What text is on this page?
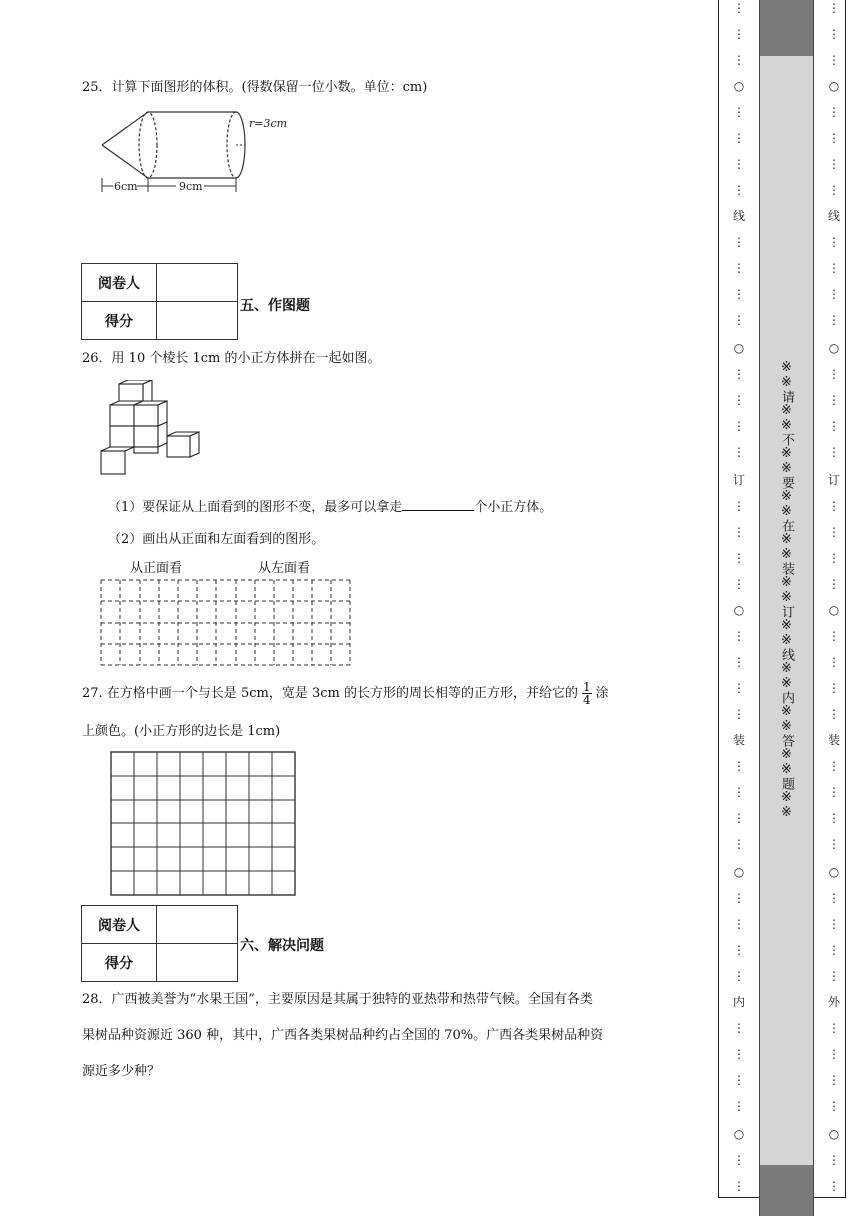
25．计算下面图形的体积。(得数保留一位小数。单位：cm)
r=3cm
6cm	9cm
阅卷人	
得分	
五、作图题
26．用 10 个棱长 1cm 的小正方体拼在一起如图。
（1）要保证从上面看到的图形不变，最多可以拿走	个小正方体。
（2）画出从正面和左面看到的图形。
从正面看	从左面看
27. 在方格中画一个与长是 5cm，宽是 3cm 的长方形的周长相等的正方形，并给它的 $\frac{1}{4}$ 涂
上颜色。(小正方形的边长是 1cm)
阅卷人	
得分	
六、解决问题
28．广西被美誉为“水果王国”，主要原因是其属于独特的亚热带和热带气候。全国有各类
果树品种资源近 360 种，其中，广西各类果树品种约占全国的 70%。广西各类果树品种资
源近多少种？
※※请※※不※※要※※在※※装※※订※※线※※内※※答※※题※※
⋮
⋮
⋮
○
⋮
⋮
⋮
⋮
线
⋮
⋮
⋮
⋮
○
⋮
⋮
⋮
⋮
订
⋮
⋮
⋮
⋮
○
⋮
⋮
⋮
⋮
装
⋮
⋮
⋮
⋮
○
⋮
⋮
⋮
⋮
内
⋮
⋮
⋮
⋮
○
⋮
⋮
⋮
⋮
⋮
○
⋮
⋮
⋮
⋮
线
⋮
⋮
⋮
⋮
○
⋮
⋮
⋮
⋮
订
⋮
⋮
⋮
⋮
○
⋮
⋮
⋮
⋮
装
⋮
⋮
⋮
⋮
○
⋮
⋮
⋮
⋮
外
⋮
⋮
⋮
⋮
○
⋮
⋮
